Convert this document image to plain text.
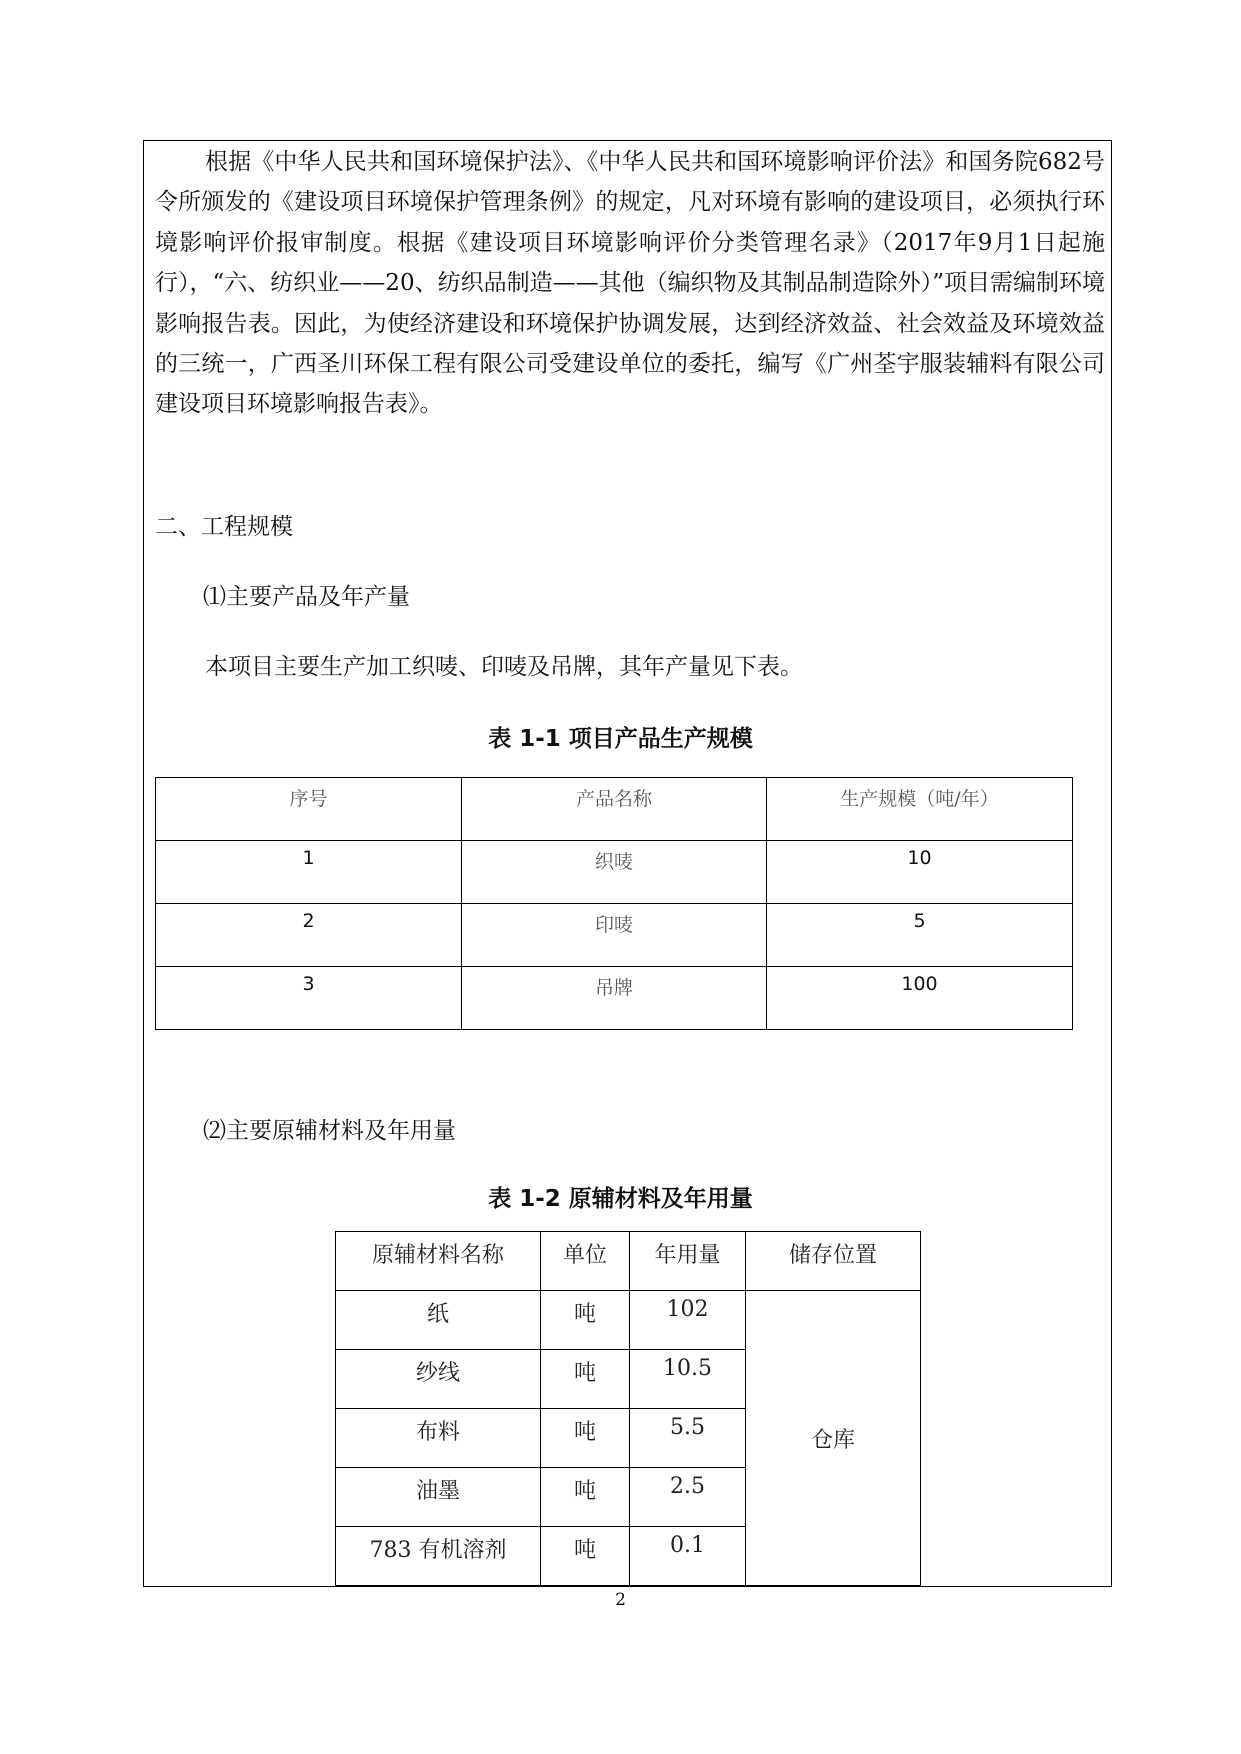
根据《中华人民共和国环境保护法》、《中华人民共和国环境影响评价法》和国务院682号令所颁发的《建设项目环境保护管理条例》的规定，凡对环境有影响的建设项目，必须执行环境影响评价报审制度。根据《建设项目环境影响评价分类管理名录》（2017年9月1日起施行），“六、纺织业——20、纺织品制造——其他（编织物及其制品制造除外）”项目需编制环境影响报告表。因此，为使经济建设和环境保护协调发展，达到经济效益、社会效益及环境效益的三统一，广西圣川环保工程有限公司受建设单位的委托，编写《广州荃宇服装辅料有限公司建设项目环境影响报告表》。

二、工程规模

⑴主要产品及年产量

本项目主要生产加工织唛、印唛及吊牌，其年产量见下表。

表 1-1 项目产品生产规模

序号	产品名称	生产规模（吨/年）
1	织唛	10
2	印唛	5
3	吊牌	100

⑵主要原辅材料及年用量

表 1-2 原辅材料及年用量

原辅材料名称	单位	年用量	储存位置
纸	吨	102	仓库
纱线	吨	10.5	
布料	吨	5.5	
油墨	吨	2.5	
783 有机溶剂	吨	0.1	

2
